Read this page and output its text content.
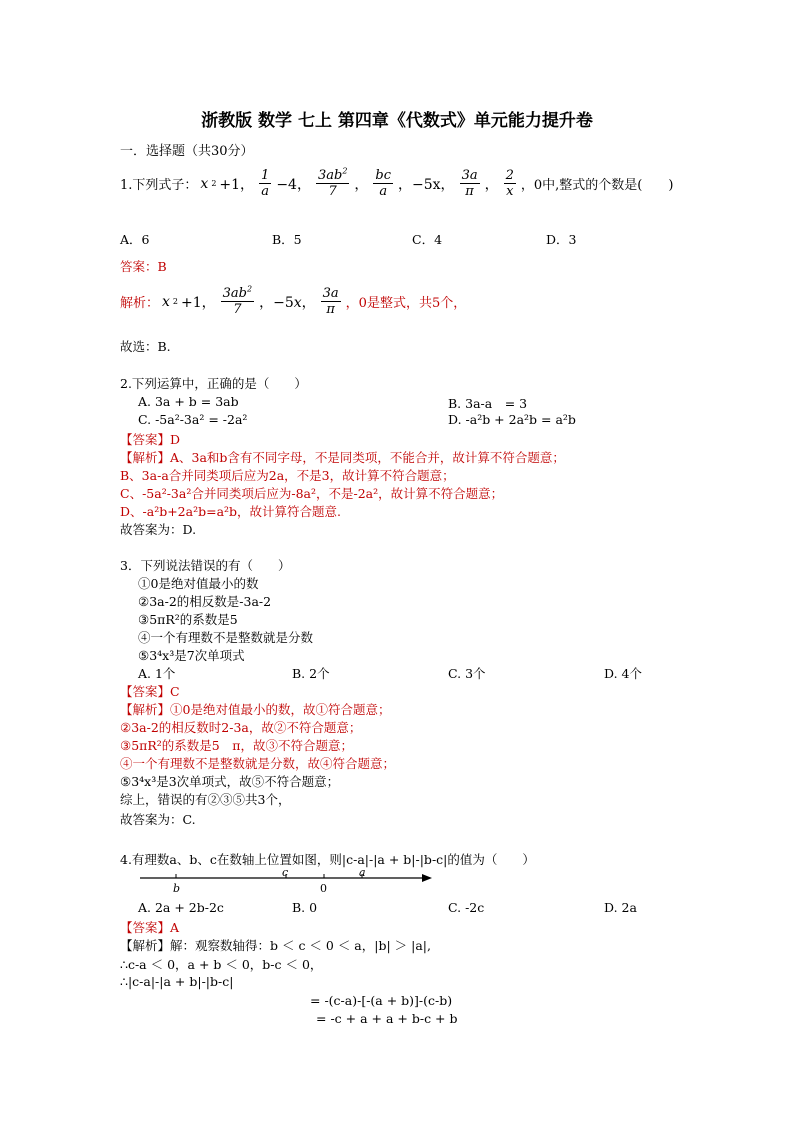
浙教版 数学 七上 第四章《代数式》单元能力提升卷
一．选择题（共30分）
1.下列式子： x 2 +1， $\frac{1}{a} -4$， $\frac{3ab^2}{7}$ ， $\frac{bc}{a}$ ，−5x， $\frac{3a}{\pi}$ ， $\frac{2}{x}$ ，0中,整式的个数是(　　)
A．6	B．5	C．4	D．3
答案：B
解析： x 2 +1， $\frac{3ab^2}{7}$ ，−5x， $\frac{3a}{\pi}$ ，0是整式，共5个，
故选：B.
2.下列运算中，正确的是（　　）
A. 3a + b = 3ab	B. 3a-a　= 3
C. -5a²-3a² = -2a²	D. -a²b + 2a²b = a²b
【答案】D
【解析】A、3a和b含有不同字母，不是同类项，不能合并，故计算不符合题意；
B、3a-a合并同类项后应为2a，不是3，故计算不符合题意；
C、-5a²-3a²合并同类项后应为-8a²，不是-2a²，故计算不符合题意；
D、-a²b+2a²b=a²b，故计算符合题意.
故答案为：D.
3．下列说法错误的有（　　）
①0是绝对值最小的数
②3a-2的相反数是-3a-2
③5πR²的系数是5
④一个有理数不是整数就是分数
⑤3⁴x³是7次单项式
A. 1个	B. 2个	C. 3个	D. 4个
【答案】C
【解析】①0是绝对值最小的数，故①符合题意；
②3a-2的相反数时2-3a，故②不符合题意；
③5πR²的系数是5　π，故③不符合题意；
④一个有理数不是整数就是分数，故④符合题意；
⑤3⁴x³是3次单项式，故⑤不符合题意；
综上，错误的有②③⑤共3个，
故答案为：C.
4.有理数a、b、c在数轴上位置如图，则|c-a|-|a + b|-|b-c|的值为（　　）
b
c
0
a
A. 2a + 2b-2c	B. 0	C. -2c	D. 2a
【答案】A
【解析】解：观察数轴得：b ＜ c ＜ 0 ＜ a，|b| ＞ |a|,
∴c-a ＜ 0，a + b ＜ 0，b-c ＜ 0，
∴|c-a|-|a + b|-|b-c|
= -(c-a)-[-(a + b)]-(c-b)
= -c + a + a + b-c + b
